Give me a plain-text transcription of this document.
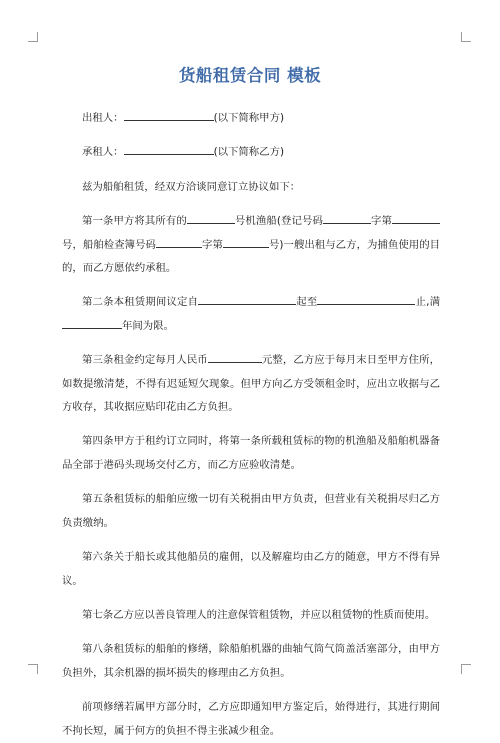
货船租赁合同 模板

出租人：	(以下简称甲方)

承租人：	(以下简称乙方)

兹为船舶租赁，经双方洽谈同意订立协议如下：

第一条甲方将其所有的	号机渔船(登记号码	字第号，船舶检查簿号码	字第	号)一艘出租与乙方，为捕鱼使用的目的，而乙方愿依约承租。

第二条本租赁期间议定自	起至	止,满年间为限。

第三条租金约定每月人民币	元整，乙方应于每月末日至甲方住所，如数提缴清楚，不得有迟延短欠现象。但甲方向乙方受领租金时，应出立收据与乙方收存，其收据应贴印花由乙方负担。

第四条甲方于租约订立同时，将第一条所载租赁标的物的机渔船及船舶机器备品全部于港码头现场交付乙方，而乙方应验收清楚。

第五条租赁标的船舶应缴一切有关税捐由甲方负责，但营业有关税捐尽归乙方负责缴纳。

第六条关于船长或其他船员的雇佣，以及解雇均由乙方的随意，甲方不得有异议。

第七条乙方应以善良管理人的注意保管租赁物，并应以租赁物的性质而使用。

第八条租赁标的船舶的修缮，除船舶机器的曲轴气筒气筒盖活塞部分，由甲方负担外，其余机器的损坏损失的修理由乙方负担。

前项修缮若属甲方部分时，乙方应即通知甲方鉴定后，始得进行，其进行期间不拘长短，属于何方的负担不得主张减少租金。
